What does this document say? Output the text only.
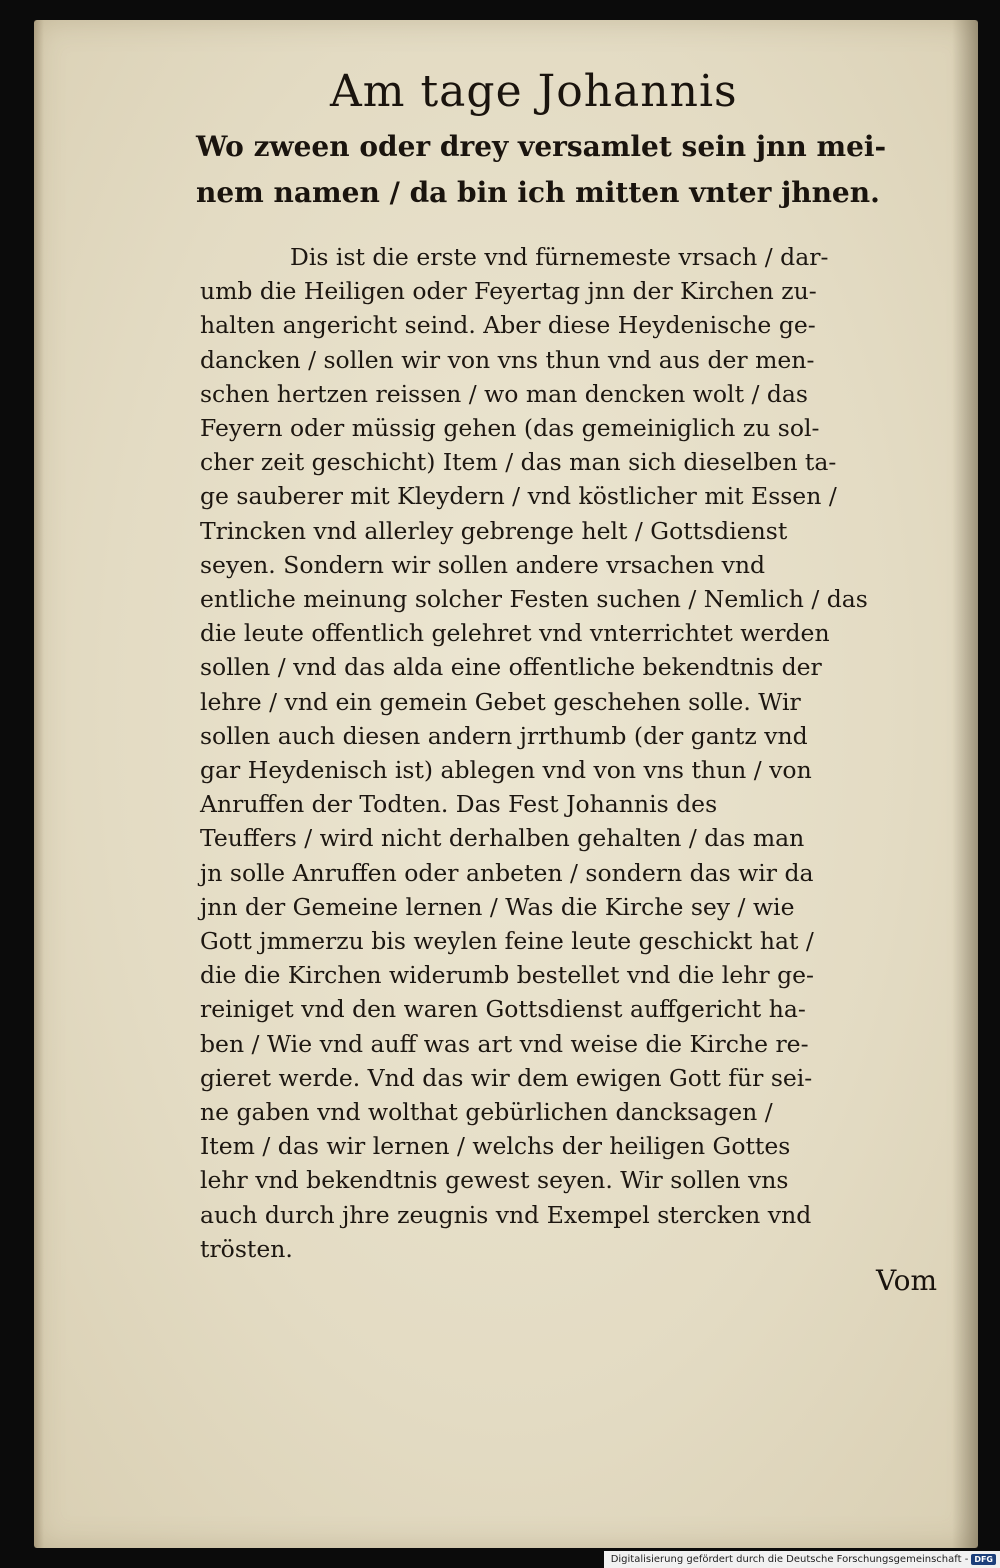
Am tage Johannis
Wo zween oder drey versamlet sein jnn mei-
nem namen / da bin ich mitten vnter jhnen.
Dis ist die erste vnd fürnemeste vrsach / dar-
umb die Heiligen oder Feyertag jnn der Kirchen zu-
halten angericht seind. Aber diese Heydenische ge-
dancken / sollen wir von vns thun vnd aus der men-
schen hertzen reissen / wo man dencken wolt / das
Feyern oder müssig gehen (das gemeiniglich zu sol-
cher zeit geschicht) Item / das man sich dieselben ta-
ge sauberer mit Kleydern / vnd köstlicher mit Essen /
Trincken vnd allerley gebrenge helt / Gottsdienst
seyen. Sondern wir sollen andere vrsachen vnd
entliche meinung solcher Festen suchen / Nemlich / das
die leute offentlich gelehret vnd vnterrichtet werden
sollen / vnd das alda eine offentliche bekendtnis der
lehre / vnd ein gemein Gebet geschehen solle. Wir
sollen auch diesen andern jrrthumb (der gantz vnd
gar Heydenisch ist) ablegen vnd von vns thun / von
Anruffen der Todten. Das Fest Johannis des
Teuffers / wird nicht derhalben gehalten / das man
jn solle Anruffen oder anbeten / sondern das wir da
jnn der Gemeine lernen / Was die Kirche sey / wie
Gott jmmerzu bis weylen feine leute geschickt hat /
die die Kirchen widerumb bestellet vnd die lehr ge-
reiniget vnd den waren Gottsdienst auffgericht ha-
ben / Wie vnd auff was art vnd weise die Kirche re-
gieret werde. Vnd das wir dem ewigen Gott für sei-
ne gaben vnd wolthat gebürlichen dancksagen /
Item / das wir lernen / welchs der heiligen Gottes
lehr vnd bekendtnis gewest seyen. Wir sollen vns
auch durch jhre zeugnis vnd Exempel stercken vnd
trösten.
Vom
Digitalisierung gefördert durch die Deutsche Forschungsgemeinschaft - DFG
